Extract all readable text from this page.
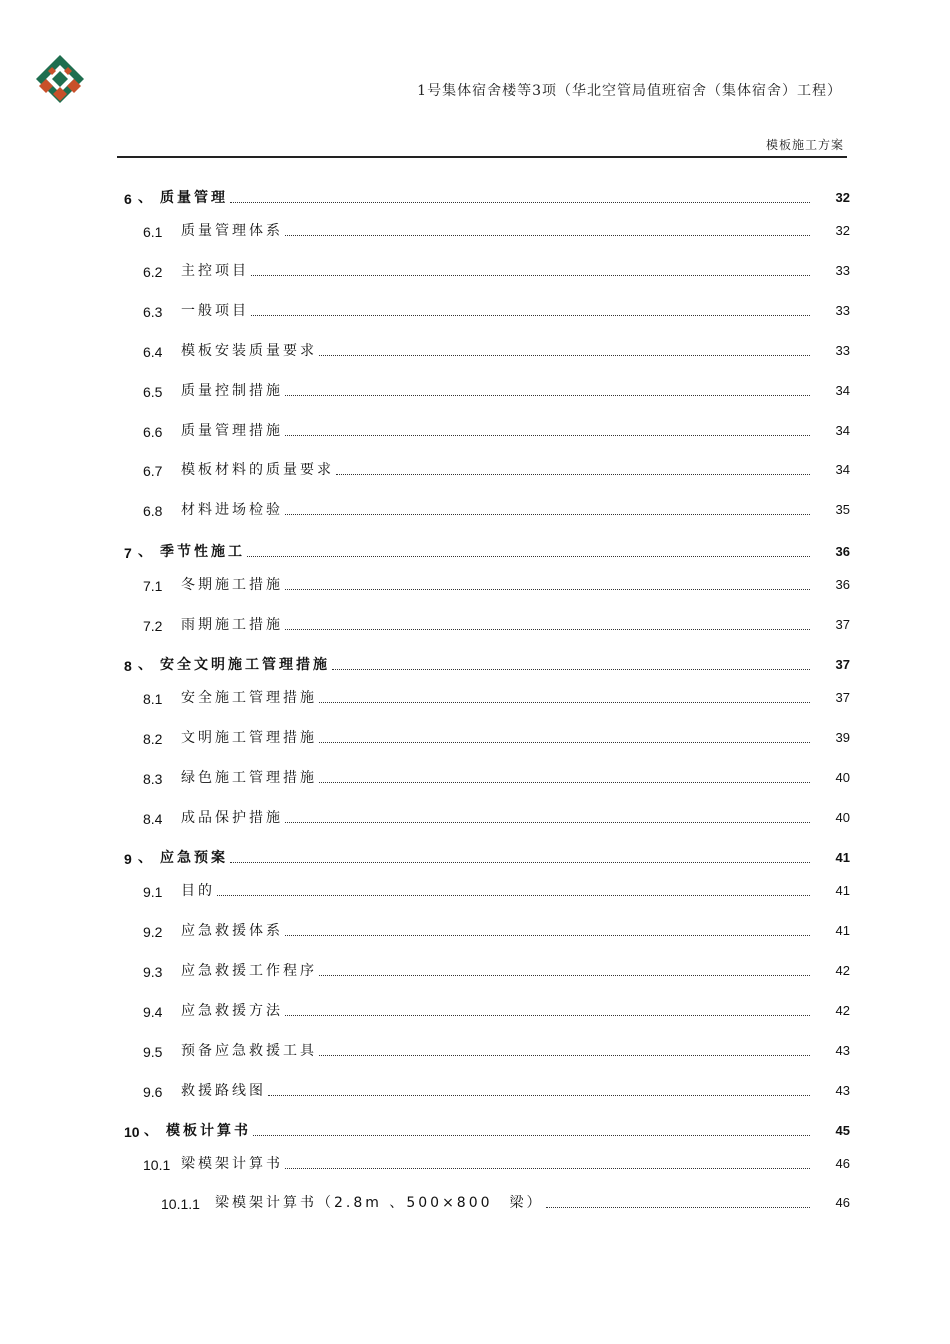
1号集体宿舍楼等3项（华北空管局值班宿舍（集体宿舍）工程）
模板施工方案
6 、 质量管理	32
6.1	质量管理体系	32
6.2	主控项目	33
6.3	一般项目	33
6.4	模板安装质量要求	33
6.5	质量控制措施	34
6.6	质量管理措施	34
6.7	模板材料的质量要求	34
6.8	材料进场检验	35
7 、 季节性施工	36
7.1	冬期施工措施	36
7.2	雨期施工措施	37
8 、 安全文明施工管理措施	37
8.1	安全施工管理措施	37
8.2	文明施工管理措施	39
8.3	绿色施工管理措施	40
8.4	成品保护措施	40
9 、 应急预案	41
9.1	目的	41
9.2	应急救援体系	41
9.3	应急救援工作程序	42
9.4	应急救援方法	42
9.5	预备应急救援工具	43
9.6	救援路线图	43
10 、 模板计算书	45
10.1 梁模架计算书	46
10.1.1	梁模架计算书（2.8m 、500×800　梁）	46
